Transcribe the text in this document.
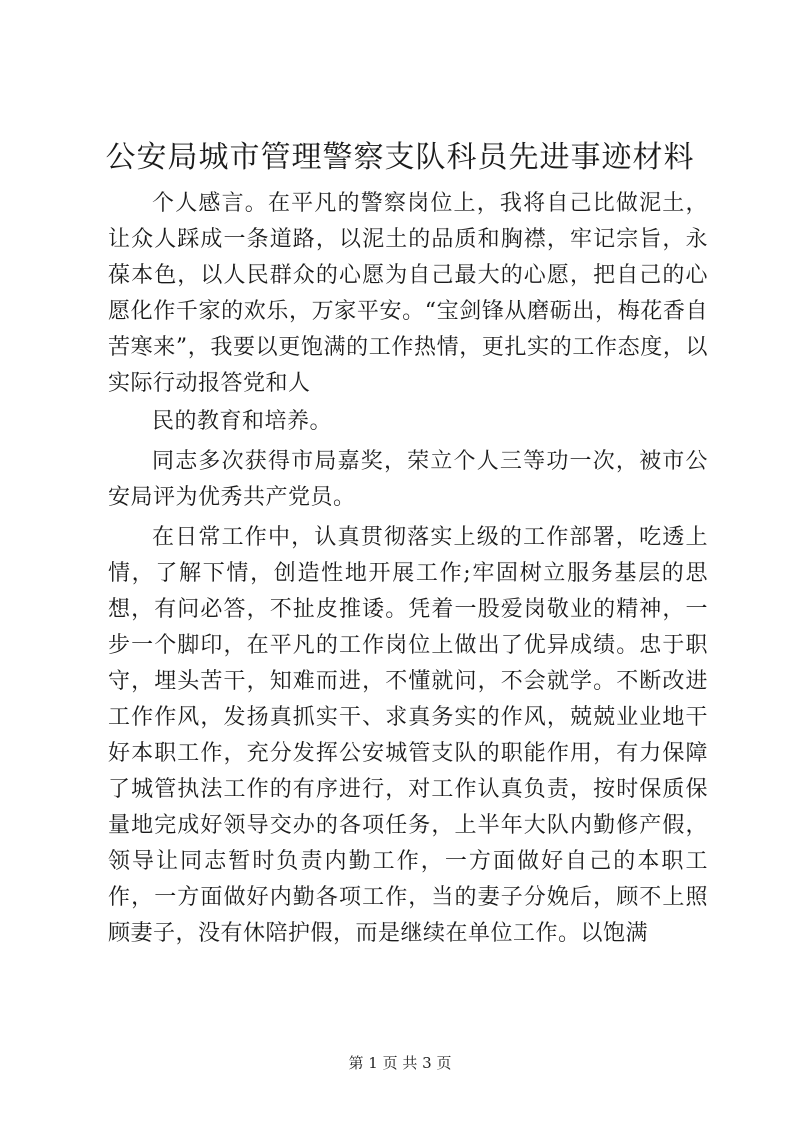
公安局城市管理警察支队科员先进事迹材料

个人感言。在平凡的警察岗位上，我将自己比做泥土，让众人踩成一条道路，以泥土的品质和胸襟，牢记宗旨，永葆本色，以人民群众的心愿为自己最大的心愿，把自己的心愿化作千家的欢乐，万家平安。“宝剑锋从磨砺出，梅花香自苦寒来”，我要以更饱满的工作热情，更扎实的工作态度，以实际行动报答党和人

民的教育和培养。

同志多次获得市局嘉奖，荣立个人三等功一次，被市公安局评为优秀共产党员。

在日常工作中，认真贯彻落实上级的工作部署，吃透上情，了解下情，创造性地开展工作;牢固树立服务基层的思想，有问必答，不扯皮推诿。凭着一股爱岗敬业的精神，一步一个脚印，在平凡的工作岗位上做出了优异成绩。忠于职守，埋头苦干，知难而进，不懂就问，不会就学。不断改进工作作风，发扬真抓实干、求真务实的作风，兢兢业业地干好本职工作，充分发挥公安城管支队的职能作用，有力保障了城管执法工作的有序进行，对工作认真负责，按时保质保量地完成好领导交办的各项任务，上半年大队内勤修产假，领导让同志暂时负责内勤工作，一方面做好自己的本职工作，一方面做好内勤各项工作，当的妻子分娩后，顾不上照顾妻子，没有休陪护假，而是继续在单位工作。以饱满

第 1 页 共 3 页
